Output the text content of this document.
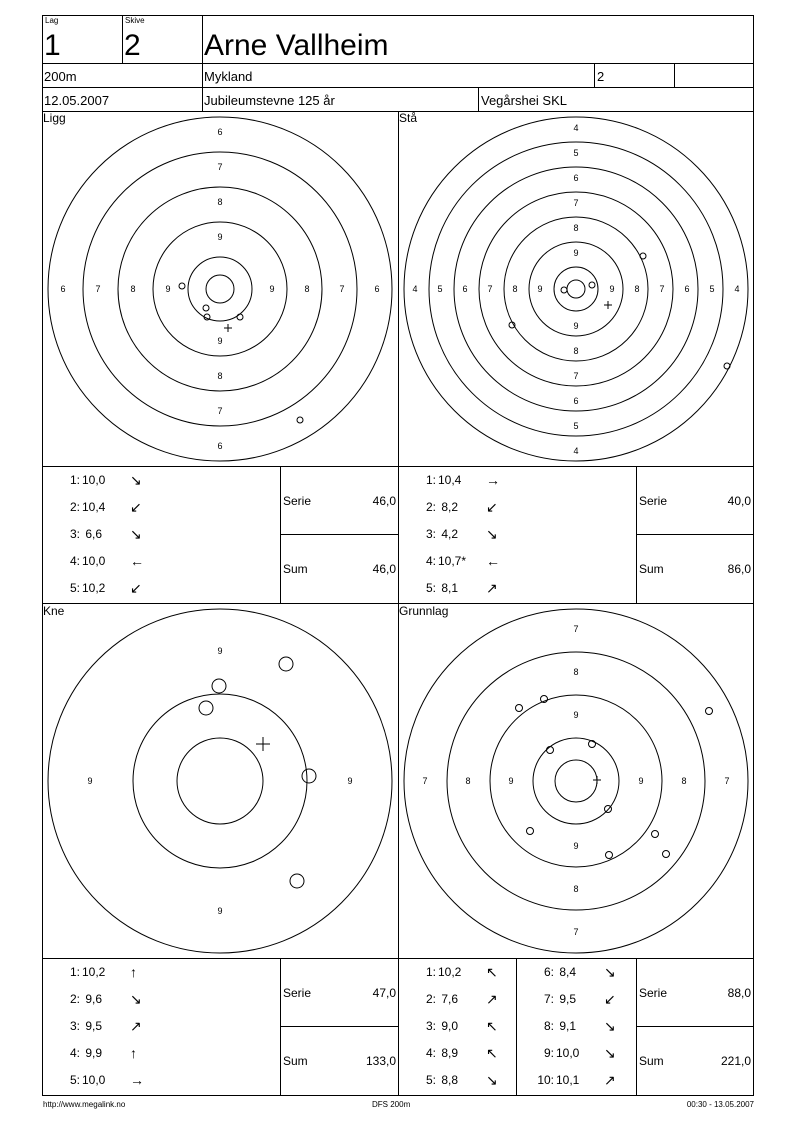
Lag
1
Skive
2 Arne Vallheim
200m	Mykland	2
12.05.2007	Jubileumstevne 125 år	Vegårshei SKL
Ligg	Stå
Kne	Grunnlag
6
7
8
9
9
8
7
6
6	7	8	9	9	8	7	6
4
5
6
7
8
9
9
8
7
6
5
4
4 5 6 7 8 9	9 8 7 6 5 4
9
9
9	9
7
8
9
9
8
7
7	8	9	9	8	7
1: 10,0 ↘
2: 10,4 ↙
3: 6,6 ↘
4: 10,0 ←
5: 10,2 ↙
1: 10,4 →
2: 8,2 ↙
3: 4,2 ↘
4: 10,7* ←
5: 8,1 ↗
1: 10,2 ↑
2: 9,6 ↘
3: 9,5 ↗
4: 9,9 ↑
5: 10,0 →
1: 10,2 ↖
2: 7,6 ↗
3: 9,0 ↖
4: 8,9 ↖
5: 8,8 ↘
6: 8,4 ↘
7: 9,5 ↙
8: 9,1 ↘
9: 10,0 ↘
10: 10,1 ↗
Serie	46,0
Sum	46,0
Serie	40,0
Sum	86,0
Serie	47,0
Sum	133,0
Serie	88,0
Sum	221,0
http://www.megalink.no	DFS 200m	00:30 - 13.05.2007
